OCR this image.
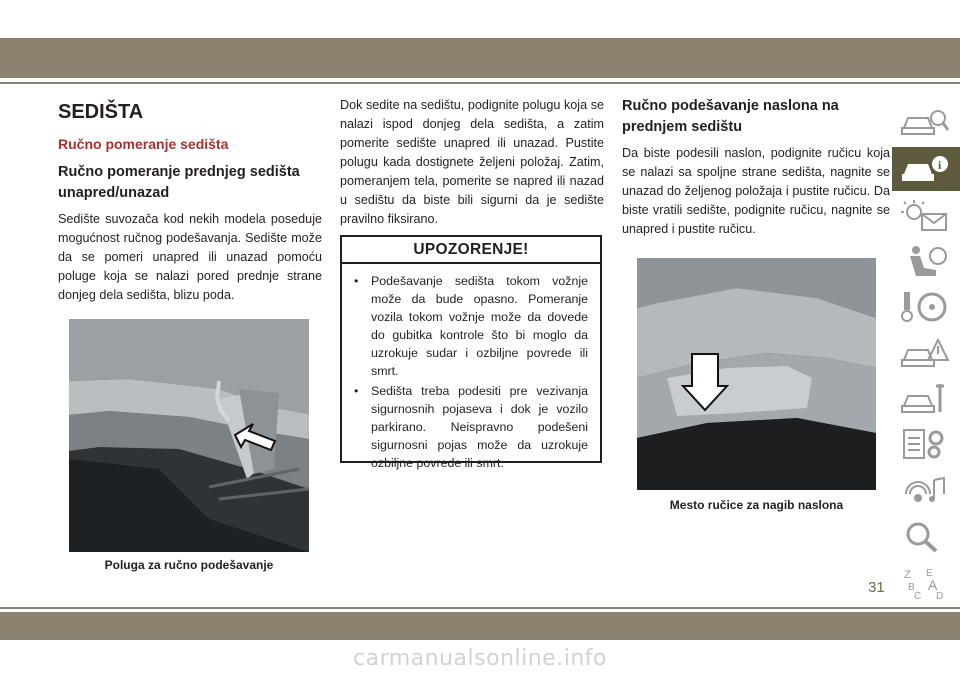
SEDIŠTA
Ručno pomeranje sedišta
Ručno pomeranje prednjeg sedišta unapred/unazad

Sedište suvozača kod nekih modela poseduje mogućnost ručnog podešavanja. Sedište može da se pomeri unapred ili unazad pomoću poluge koja se nalazi pored prednje strane donjeg dela sedišta, blizu poda.

Poluga za ručno podešavanje

Dok sedite na sedištu, podignite polugu koja se nalazi ispod donjeg dela sedišta, a zatim pomerite sedište unapred ili unazad. Pustite polugu kada dostignete željeni položaj. Zatim, pomeranjem tela, pomerite se napred ili nazad u sedištu da biste bili sigurni da je sedište pravilno fiksirano.

UPOZORENJE!
• Podešavanje sedišta tokom vožnje može da bude opasno. Pomeranje vozila tokom vožnje može da dovede do gubitka kontrole što bi moglo da uzrokuje sudar i ozbiljne povrede ili smrt.
• Sedišta treba podesiti pre vezivanja sigurnosnih pojaseva i dok je vozilo parkirano. Neispravno podešeni sigurnosni pojas može da uzrokuje ozbiljne povrede ili smrt.
Ručno podešavanje naslona na prednjem sedištu

Da biste podesili naslon, podignite ručicu koja se nalazi sa spoljne strane sedišta, nagnite se unazad do željenog položaja i pustite ručicu. Da biste vratili sedište, podignite ručicu, nagnite se unapred i pustite ručicu.

Mesto ručice za nagib naslona
i
Z E
B A
C D
31
carmanualsonline.info
